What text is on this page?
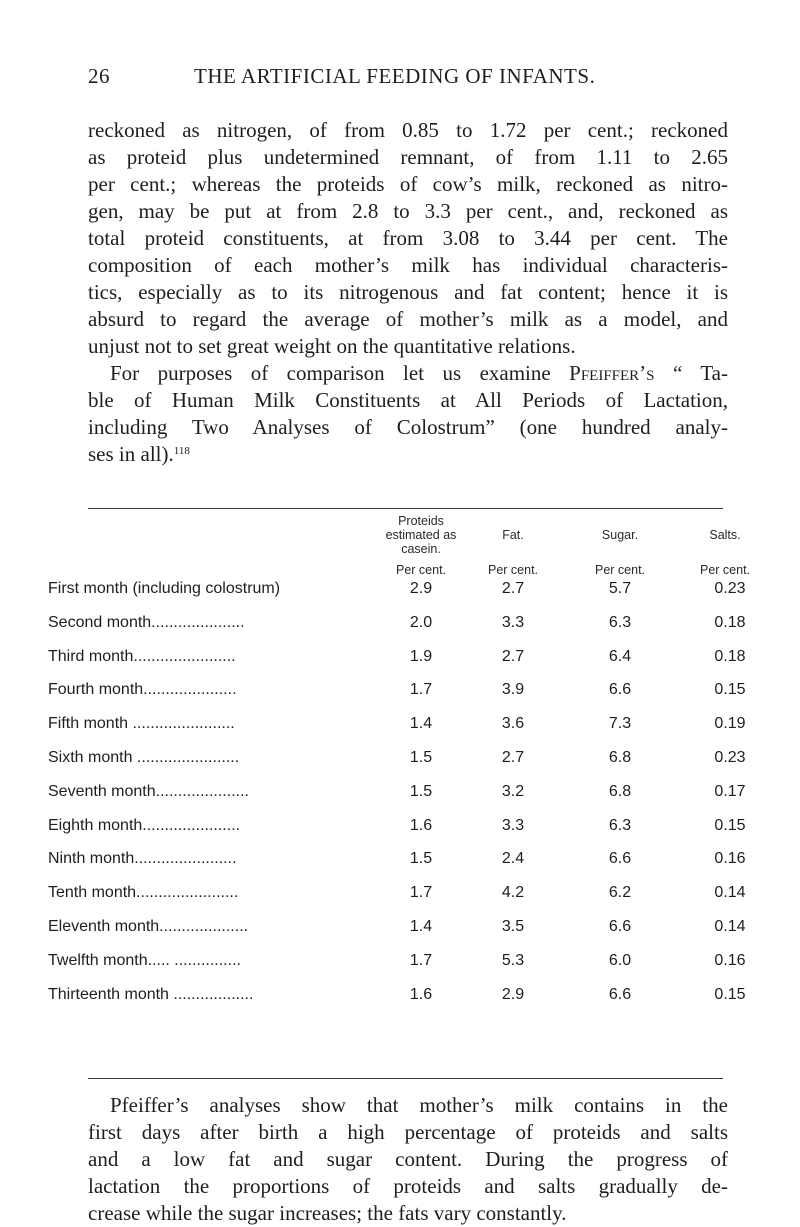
26	THE ARTIFICIAL FEEDING OF INFANTS.
reckoned as nitrogen, of from 0.85 to 1.72 per cent.; reckoned
as proteid plus undetermined remnant, of from 1.11 to 2.65
per cent.; whereas the proteids of cow’s milk, reckoned as nitro-
gen, may be put at from 2.8 to 3.3 per cent., and, reckoned as
total proteid constituents, at from 3.08 to 3.44 per cent. The
composition of each mother’s milk has individual characteris-
tics, especially as to its nitrogenous and fat content; hence it is
absurd to regard the average of mother’s milk as a model, and
unjust not to set great weight on the quantitative relations.
For purposes of comparison let us examine Pfeiffer’s “ Ta-
ble of Human Milk Constituents at All Periods of Lactation,
including Two Analyses of Colostrum” (one hundred analy-
ses in all).$^{118}$
Proteids
estimated as
casein.
Fat.	Sugar.	Salts.
Per cent.	Per cent.	Per cent.	Per cent.
First month (including colostrum)	2.9	2.7	5.7	0.23
Second month.....................	2.0	3.3	6.3	0.18
Third month.......................	1.9	2.7	6.4	0.18
Fourth month.....................	1.7	3.9	6.6	0.15
Fifth month .......................	1.4	3.6	7.3	0.19
Sixth month .......................	1.5	2.7	6.8	0.23
Seventh month.....................	1.5	3.2	6.8	0.17
Eighth month......................	1.6	3.3	6.3	0.15
Ninth month.......................	1.5	2.4	6.6	0.16
Tenth month.......................	1.7	4.2	6.2	0.14
Eleventh month....................	1.4	3.5	6.6	0.14
Twelfth month..... ...............	1.7	5.3	6.0	0.16
Thirteenth month ..................	1.6	2.9	6.6	0.15
Pfeiffer’s analyses show that mother’s milk contains in the
first days after birth a high percentage of proteids and salts
and a low fat and sugar content. During the progress of
lactation the proportions of proteids and salts gradually de-
crease while the sugar increases; the fats vary constantly.
